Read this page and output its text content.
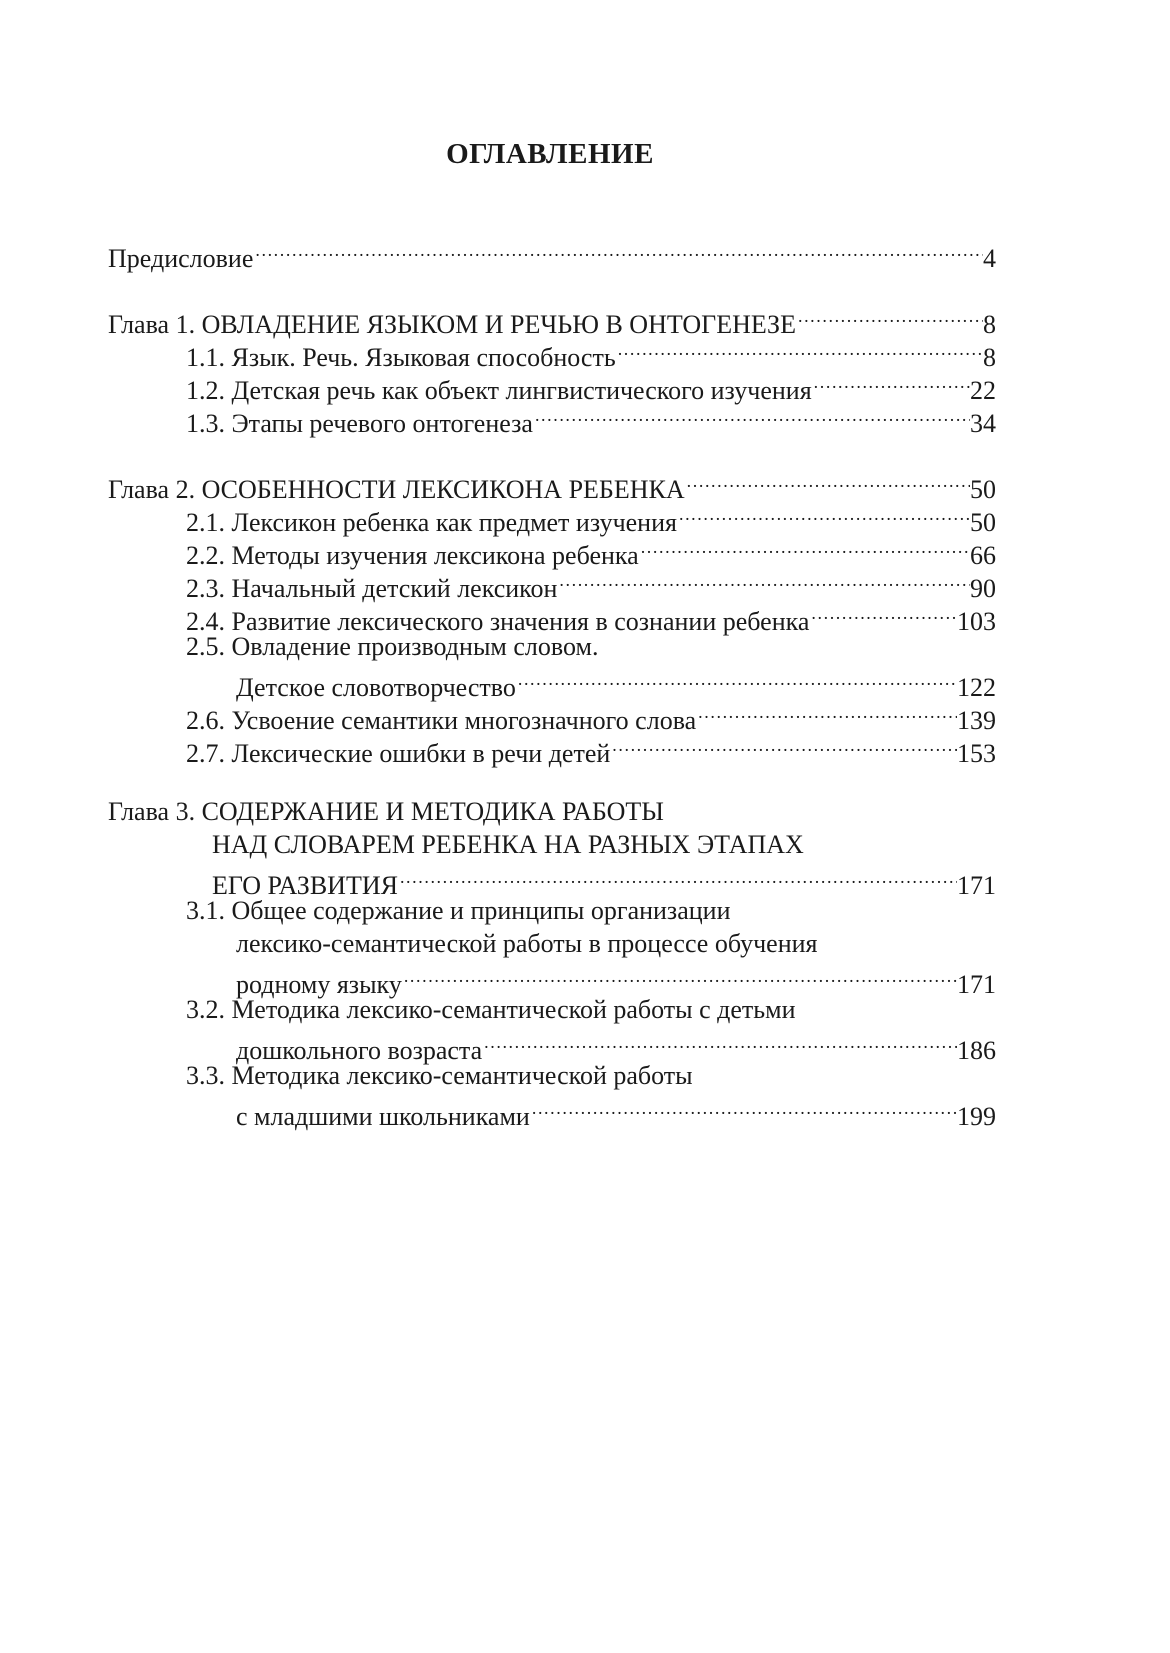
ОГЛАВЛЕНИЕ
Предисловие .....	4
Глава 1. ОВЛАДЕНИЕ ЯЗЫКОМ И РЕЧЬЮ В ОНТОГЕНЕЗЕ .....	8
1.1. Язык. Речь. Языковая способность .....	8
1.2. Детская речь как объект лингвистического изучения .....	22
1.3. Этапы речевого онтогенеза .....	34
Глава 2. ОСОБЕННОСТИ ЛЕКСИКОНА РЕБЕНКА .....	50
2.1. Лексикон ребенка как предмет изучения .....	50
2.2. Методы изучения лексикона ребенка .....	66
2.3. Начальный детский лексикон .....	90
2.4. Развитие лексического значения в сознании ребенка .....	103
2.5. Овладение производным словом.
Детское словотворчество .....	122
2.6. Усвоение семантики многозначного слова .....	139
2.7. Лексические ошибки в речи детей .....	153
Глава 3. СОДЕРЖАНИЕ И МЕТОДИКА РАБОТЫ
НАД СЛОВАРЕМ РЕБЕНКА НА РАЗНЫХ ЭТАПАХ
ЕГО РАЗВИТИЯ .....	171
3.1. Общее содержание и принципы организации
лексико-семантической работы в процессе обучения
родному языку .....	171
3.2. Методика лексико-семантической работы с детьми
дошкольного возраста .....	186
3.3. Методика лексико-семантической работы
с младшими школьниками .....	199
